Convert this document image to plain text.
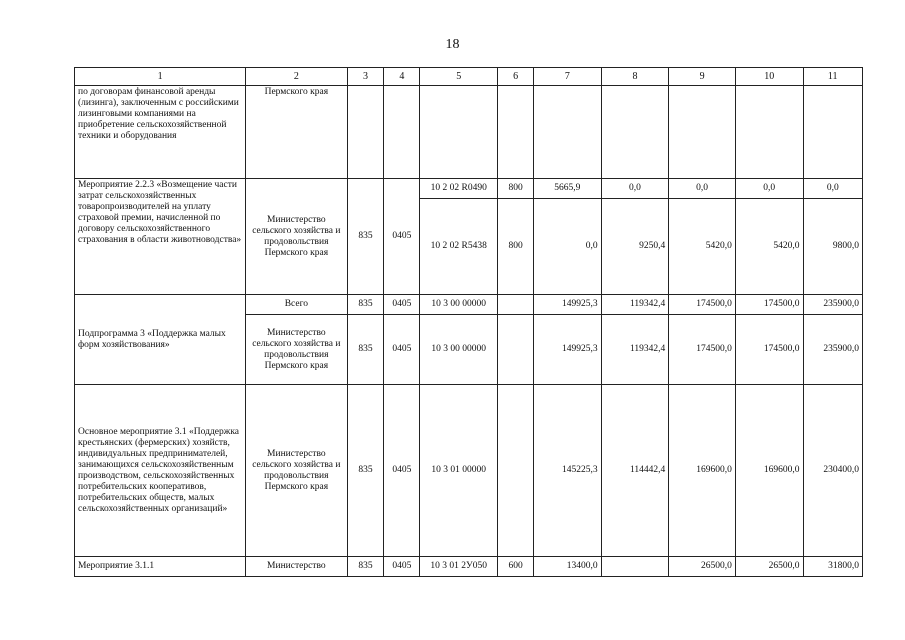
18
1	2	3	4	5	6	7	8	9	10	11
по договорам финансовой аренды (лизинга), заключенным с российскими лизинговыми компаниями на приобретение сельскохозяйственной техники и оборудования	Пермского края									
Мероприятие 2.2.3 «Возмещение части затрат сельскохозяйственных товаропроизводителей на уплату страховой премии, начисленной по договору сельскохозяйственного страхования в области животноводства»	Министерство сельского хозяйства и продовольствия Пермского края	835	0405	10 2 02 R0490	800	5665,9	0,0	0,0	0,0	0,0
				10 2 02 R5438	800	0,0	9250,4	5420,0	5420,0	9800,0
Подпрограмма 3 «Поддержка малых форм хозяйствования»	Всего	835	0405	10 3 00 00000		149925,3	119342,4	174500,0	174500,0	235900,0
	Министерство сельского хозяйства и продовольствия Пермского края	835	0405	10 3 00 00000		149925,3	119342,4	174500,0	174500,0	235900,0
Основное мероприятие 3.1 «Поддержка крестьянских (фермерских) хозяйств, индивидуальных предпринимателей, занимающихся сельскохозяйственным производством, сельскохозяйственных потребительских кооперативов, потребительских обществ, малых сельскохозяйственных организаций»	Министерство сельского хозяйства и продовольствия Пермского края	835	0405	10 3 01 00000		145225,3	114442,4	169600,0	169600,0	230400,0
Мероприятие 3.1.1	Министерство	835	0405	10 3 01 2У050	600	13400,0		26500,0	26500,0	31800,0
